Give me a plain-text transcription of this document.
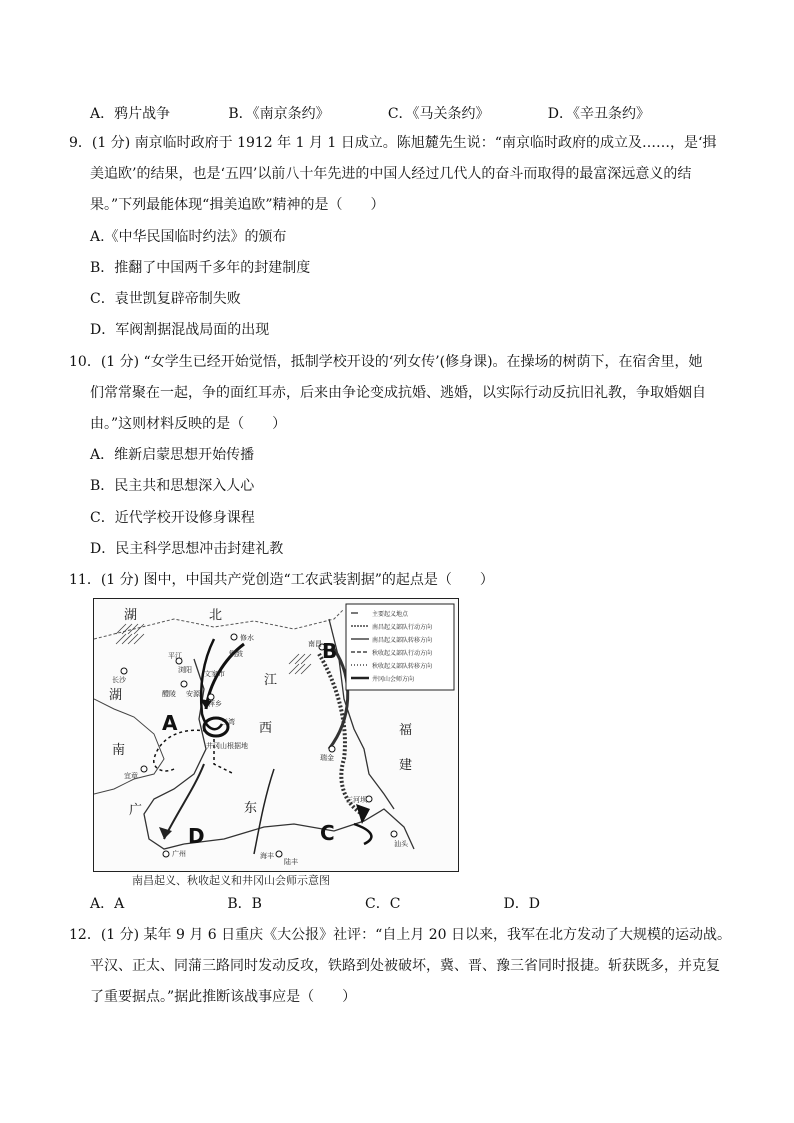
A．鸦片战争	B．《南京条约》	C．《马关条约》	D．《辛丑条约》
9．(1 分) 南京临时政府于 1912 年 1 月 1 日成立。陈旭麓先生说：“南京临时政府的成立及……，是‘揖
美追欧’的结果，也是‘五四’以前八十年先进的中国人经过几代人的奋斗而取得的最富深远意义的结
果。”下列最能体现“揖美追欧”精神的是（　　）
A.《中华民国临时约法》的颁布
B．推翻了中国两千多年的封建制度
C．袁世凯复辟帝制失败
D．军阀割据混战局面的出现
10．(1 分) “女学生已经开始觉悟，抵制学校开设的‘列女传’(修身课)。在操场的树荫下，在宿舍里，她
们常常聚在一起，争的面红耳赤，后来由争论变成抗婚、逃婚，以实际行动反抗旧礼教，争取婚姻自
由。”这则材料反映的是（　　）
A．维新启蒙思想开始传播
B．民主共和思想深入人心
C．近代学校开设修身课程
D．民主科学思想冲击封建礼教
11．(1 分) 图中，中国共产党创造“工农武装割据”的起点是（　　）
A
B
C
D
湖	北
湖
南
江
西	福
建
广	东
平江
修水
铜鼓
浏阳 文家市
长沙
醴陵 安源
萍乡
三湾
井冈山根据地
南昌
瑞金
宜章
三河坝
广州	海丰
陆丰
汕头
主要起义地点
南昌起义部队行动方向
南昌起义部队转移方向
秋收起义部队行动方向
秋收起义部队转移方向
井冈山会师方向
南昌起义、秋收起义和井冈山会师示意图
A．A	B．B	C．C	D．D
12．(1 分) 某年 9 月 6 日重庆《大公报》社评：“自上月 20 日以来，我军在北方发动了大规模的运动战。
平汉、正太、同蒲三路同时发动反攻，铁路到处被破坏，冀、晋、豫三省同时报捷。斩获既多，并克复
了重要据点。”据此推断该战事应是（　　）
